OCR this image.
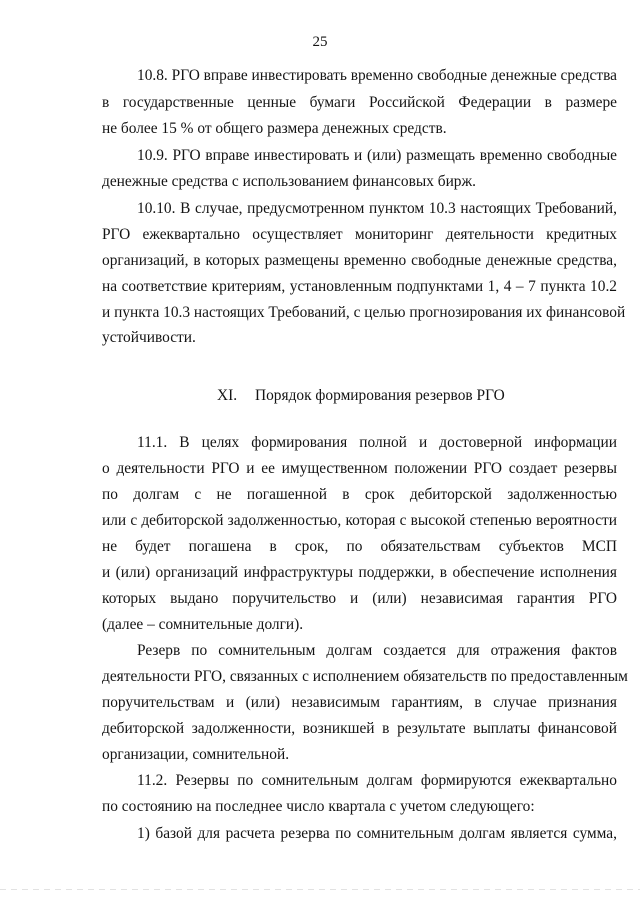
25
10.8. РГО вправе инвестировать временно свободные денежные средства
в государственные ценные бумаги Российской Федерации в размере
не более 15 % от общего размера денежных средств.
10.9. РГО вправе инвестировать и (или) размещать временно свободные
денежные средства с использованием финансовых бирж.
10.10. В случае, предусмотренном пунктом 10.3 настоящих Требований,
РГО ежеквартально осуществляет мониторинг деятельности кредитных
организаций, в которых размещены временно свободные денежные средства,
на соответствие критериям, установленным подпунктами 1, 4 – 7 пункта 10.2
и пункта 10.3 настоящих Требований, с целью прогнозирования их финансовой
устойчивости.
XI. Порядок формирования резервов РГО
11.1. В целях формирования полной и достоверной информации
о деятельности РГО и ее имущественном положении РГО создает резервы
по долгам с не погашенной в срок дебиторской задолженностью
или с дебиторской задолженностью, которая с высокой степенью вероятности
не будет погашена в срок, по обязательствам субъектов МСП
и (или) организаций инфраструктуры поддержки, в обеспечение исполнения
которых выдано поручительство и (или) независимая гарантия РГО
(далее – сомнительные долги).
Резерв по сомнительным долгам создается для отражения фактов
деятельности РГО, связанных с исполнением обязательств по предоставленным
поручительствам и (или) независимым гарантиям, в случае признания
дебиторской задолженности, возникшей в результате выплаты финансовой
организации, сомнительной.
11.2. Резервы по сомнительным долгам формируются ежеквартально
по состоянию на последнее число квартала с учетом следующего:
1) базой для расчета резерва по сомнительным долгам является сумма,
